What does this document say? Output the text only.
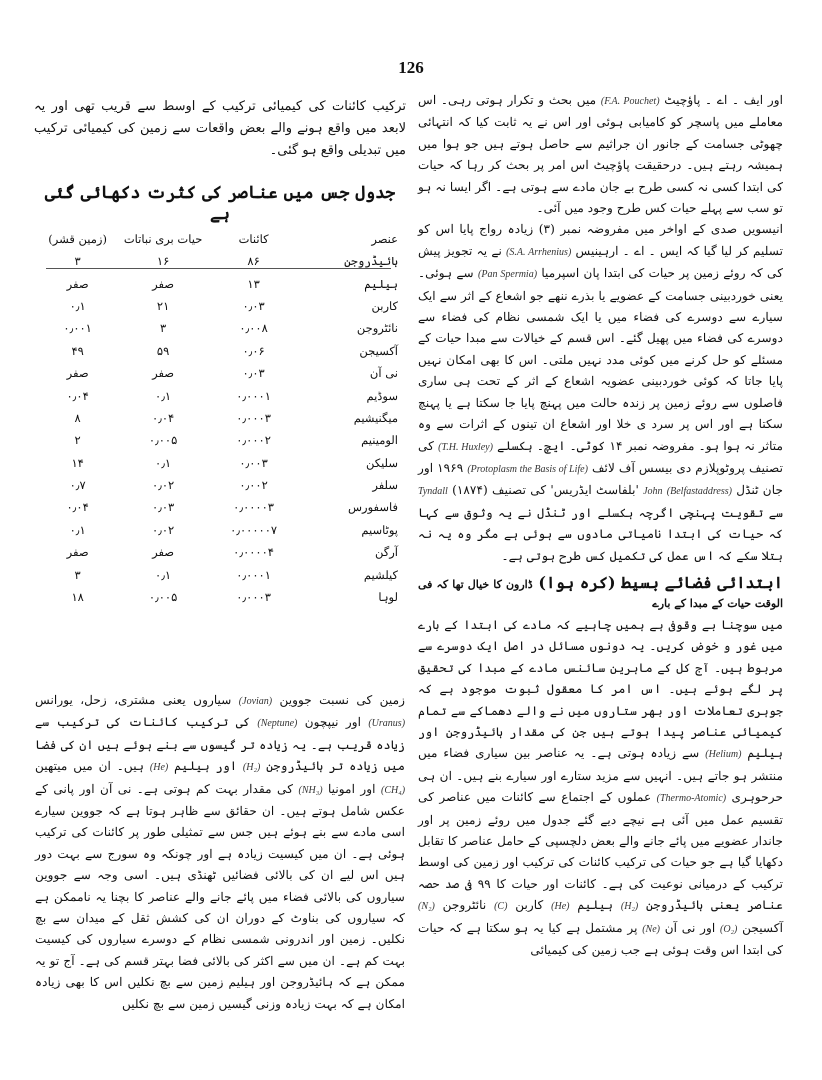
126

اور ایف ۔ اے ۔ پاؤچیٹ (F.A. Pouchet) میں بحث و تکرار ہوتی رہی۔ اس معاملے میں پاسچر کو کامیابی ہوئی اور اس نے یہ ثابت کیا کہ انتہائی چھوٹی جسامت کے جانور ان جراثیم سے حاصل ہوتے ہیں جو ہوا میں ہمیشہ رہتے ہیں۔ درحقیقت پاؤچیٹ اس امر پر بحث کر رہا کہ حیات کی ابتدا کسی نہ کسی طرح بے جان مادے سے ہوتی ہے۔ اگر ایسا نہ ہو تو سب سے پہلے حیات کس طرح وجود میں آئی۔

انیسویں صدی کے اواخر میں مفروضہ نمبر (۳) زیادہ رواج پایا اس کو تسلیم کر لیا گیا کہ ایس ۔ اے ۔ ارہینیس (S.A. Arrhenius) نے یہ تجویز پیش کی کہ روئے زمین پر حیات کی ابتدا پان اسپرمیا (Pan Spermia) سے ہوئی۔ یعنی خوردبینی جسامت کے عضویے یا بذرے ننھے جو اشعاع کے اثر سے ایک سیارے سے دوسرے کی فضاء میں یا ایک شمسی نظام کی فضاء سے دوسرے کی فضاء میں پھیل گئے۔ اس قسم کے خیالات سے مبدا حیات کے مسئلے کو حل کرنے میں کوئی مدد نہیں ملتی۔ اس کا بھی امکان نہیں پایا جاتا کہ کوئی خوردبینی عضویہ اشعاع کے اثر کے تحت ہی ساری فاصلوں سے روئے زمین پر زندہ حالت میں پہنچ پایا جا سکتا ہے یا پہنچ سکتا ہے اور اس پر سرد ی خلا اور اشعاع ان تینوں کے اثرات سے وہ متاثر نہ ہوا ہو۔ مفروضہ نمبر ۱۴ کوٹی۔ ایچ۔ ہکسلے (T.H. Huxley) کی تصنیف پروٹوپلازم دی بیسس آف لائف (Protoplasm the Basis of Life) ۱۹۶۹ اور جان ٹنڈل John (Belfastaddress) 'بلفاسٹ ایڈریس' کی تصنیف Tyndall (۱۸۷۴) سے تقویت پہنچی اگرچہ ہکسلے اور ٹنڈل نے یہ وثوق سے کہا کہ حیات کی ابتدا نامیاتی مادوں سے ہوئی ہے مگر وہ یہ نہ بتلا سکے کہ اس عمل کی تکمیل کس طرح ہوتی ہے۔

ابتدائی فضائے بسیط (کرہ ہوا) ڈارون کا خیال تھا کہ فی الوقت حیات کے مبدا کے بارے

میں سوچنا بے وقوفی ہے ہمیں چاہیے کہ مادے کی ابتدا کے بارے میں غور و خوض کریں۔ یہ دونوں مسائل در اصل ایک دوسرے سے مربوط ہیں۔ آج کل کے ماہرین سائنس مادے کے مبدا کی تحقیق پر لگے ہوئے ہیں۔ اس امر کا معقول ثبوت موجود ہے کہ جوہری تعاملات اور بھر ستاروں میں نے والے دھماکے سے تمام کیمیائی عناصر پیدا ہوتے ہیں جن کی مقدار ہائیڈروجن اور ہیلیم (Helium) سے زیادہ ہوتی ہے۔ یہ عناصر بین سیاری فضاء میں منتشر ہو جاتے ہیں۔ انہیں سے مزید ستارے اور سیارے بنے ہیں۔ ان ہی حرحوہری (Thermo-Atomic) عملوں کے اجتماع سے کائنات میں عناصر کی تقسیم عمل میں آئی ہے نیچے دیے گئے جدول میں روئے زمین پر اور جاندار عضویے میں پائے جانے والے بعض دلچسپی کے حامل عناصر کا تقابل دکھایا گیا ہے جو حیات کی ترکیب کائنات کی ترکیب اور زمین کی اوسط ترکیب کے درمیانی نوعیت کی ہے۔ کائنات اور حیات کا ۹۹ فی صد حصہ عناصر یعنی ہائیڈروجن (H₂) ہیلیم (He) کاربن (C) نائٹروجن (N₂) آکسیجن (O₂) اور نی آن (Ne) پر مشتمل ہے کیا یہ ہو سکتا ہے کہ حیات کی ابتدا اس وقت ہوئی ہے جب زمین کی کیمیائی

ترکیب کائنات کی کیمیائی ترکیب کے اوسط سے قریب تھی اور یہ لابعد میں واقع ہونے والے بعض واقعات سے زمین کی کیمیائی ترکیب میں تبدیلی واقع ہو گئی۔

جدول جس میں عناصر کی کثرت دکھائی گئی ہے
عنصر	کائنات	حیات بری نباتات	(زمین قشر)
ہائیڈروجن	۸۶	۱۶	۳
ہیلیم	۱۳	صفر	صفر
کاربن	۰٫۰۳	۲۱	۰٫۱
نائٹروجن	۰٫۰۰۸	۳	۰٫۰۰۱
آکسیجن	۰٫۰۶	۵۹	۴۹
نی آن	۰٫۰۳	صفر	صفر
سوڈیم	۰٫۰۰۰۱	۰٫۱	۰٫۰۴
میگنیشیم	۰٫۰۰۰۳	۰٫۰۴	۸
الومینیم	۰٫۰۰۰۲	۰٫۰۰۵	۲
سلیکن	۰٫۰۰۳	۰٫۱	۱۴
سلفر	۰٫۰۰۲	۰٫۰۲	۰٫۷
فاسفورس	۰٫۰۰۰۰۳	۰٫۰۳	۰٫۰۴
پوٹاسیم	۰٫۰۰۰۰۰۷	۰٫۰۲	۰٫۱
آرگن	۰٫۰۰۰۰۴	صفر	صفر
کیلشیم	۰٫۰۰۰۱	۰٫۱	۳
لوہا	۰٫۰۰۰۳	۰٫۰۰۵	۱۸

زمین کی نسبت جووین (Jovian) سیاروں یعنی مشتری، زحل، یورانس (Uranus) اور نیپچون (Neptune) کی ترکیب کائنات کی ترکیب سے زیادہ قریب ہے۔ یہ زیادہ تر گیسوں سے بنے ہوئے ہیں ان کی فضا میں زیادہ تر ہائیڈروجن (H₂) اور ہیلیم (He) ہیں۔ ان میں میتھین (CH₄) اور امونیا (NH₃) کی مقدار بہت کم ہوتی ہے۔ نی آن اور پانی کے عکس شامل ہوتے ہیں۔ ان حقائق سے ظاہر ہوتا ہے کہ جووین سیارے اسی مادے سے بنے ہوئے ہیں جس سے تمثیلی طور پر کائنات کی ترکیب ہوئی ہے۔ ان میں کیسیت زیادہ ہے اور چونکہ وہ سورج سے بہت دور ہیں اس لیے ان کی بالائی فضائیں ٹھنڈی ہیں۔ اسی وجہ سے جووین سیاروں کی بالائی فضاء میں پائے جانے والے عناصر کا بچنا یہ ناممکن ہے کہ سیاروں کی بناوٹ کے دوران ان کی کشش ثقل کے میدان سے بچ نکلیں۔ زمین اور اندرونی شمسی نظام کے دوسرے سیاروں کی کیسیت بہت کم ہے۔ ان میں سے اکثر کی بالائی فضا بہتر قسم کی ہے۔ آج تو یہ ممکن ہے کہ ہائیڈروجن اور ہیلیم زمین سے بچ نکلیں اس کا بھی زیادہ امکان ہے کہ بہت زیادہ وزنی گیسیں زمین سے بچ نکلیں
